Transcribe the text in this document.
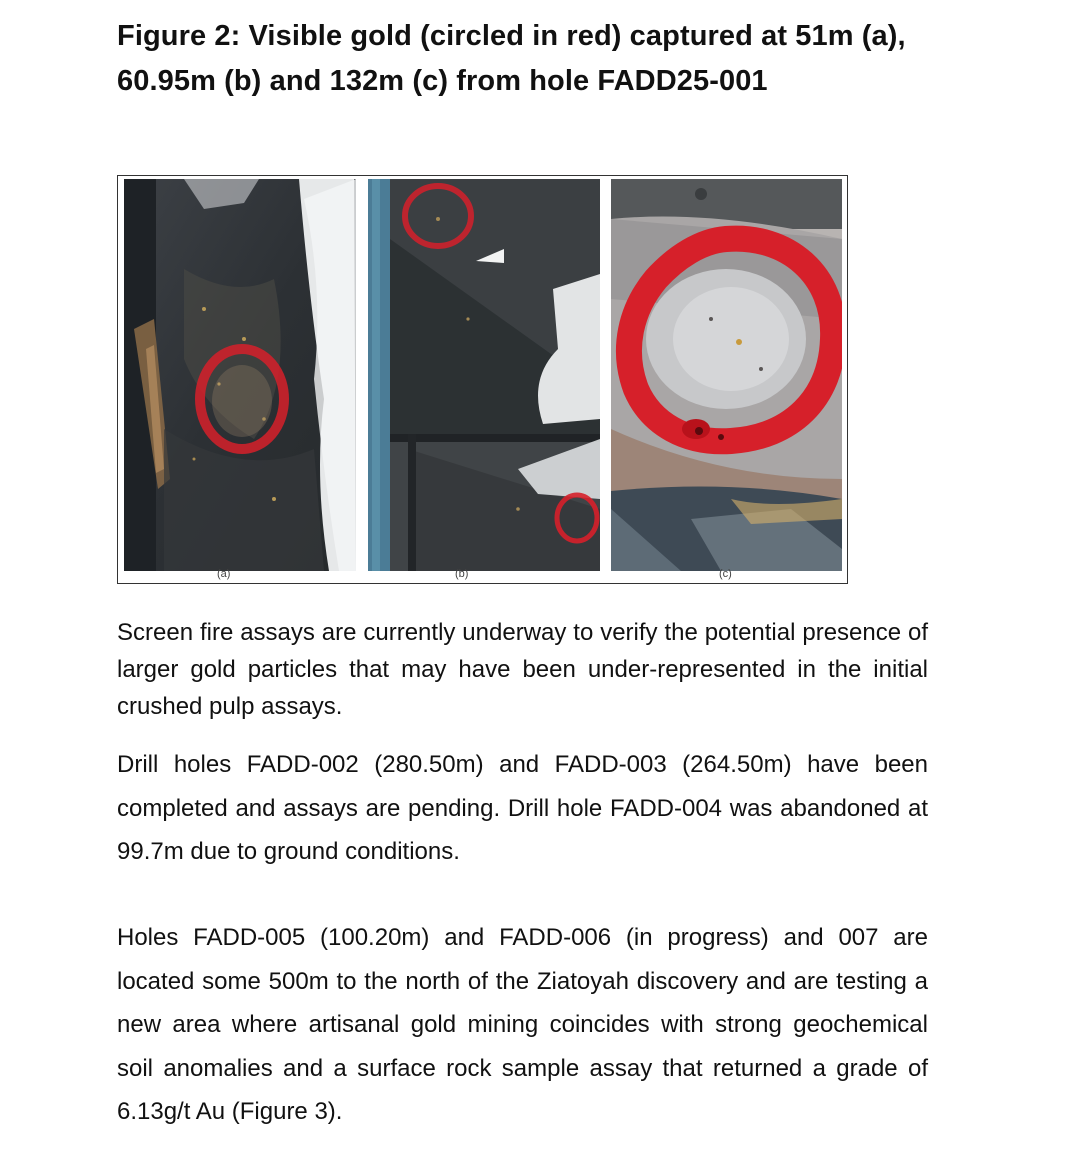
Figure 2: Visible gold (circled in red) captured at 51m (a), 60.95m (b) and 132m (c) from hole FADD25-001
(a)	(b)	(c)

Screen fire assays are currently underway to verify the potential presence of larger gold particles that may have been under-represented in the initial crushed pulp assays.

Drill holes FADD-002 (280.50m) and FADD-003 (264.50m) have been completed and assays are pending. Drill hole FADD-004 was abandoned at 99.7m due to ground conditions.

Holes FADD-005 (100.20m) and FADD-006 (in progress) and 007 are located some 500m to the north of the Ziatoyah discovery and are testing a new area where artisanal gold mining coincides with strong geochemical soil anomalies and a surface rock sample assay that returned a grade of 6.13g/t Au (Figure 3).
